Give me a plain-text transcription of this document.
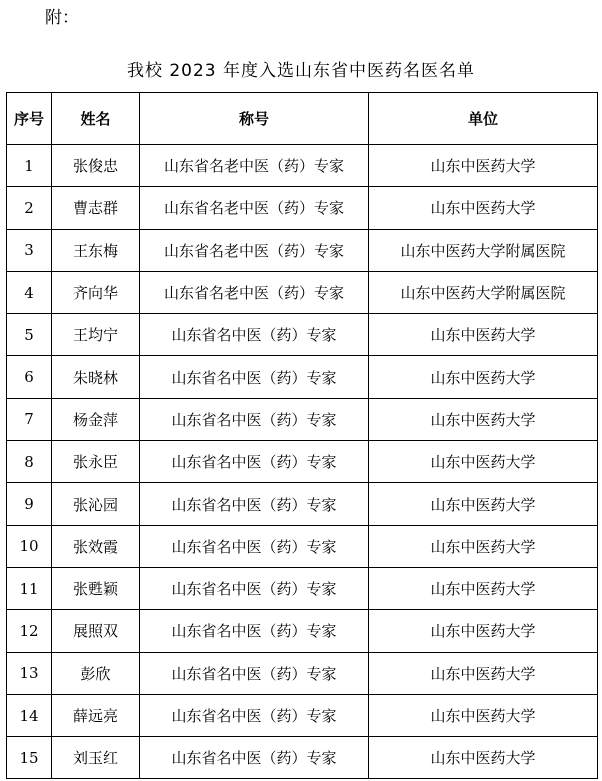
附：
我校 2023 年度入选山东省中医药名医名单
序号	姓名	称号	单位
1	张俊忠	山东省名老中医（药）专家	山东中医药大学
2	曹志群	山东省名老中医（药）专家	山东中医药大学
3	王东梅	山东省名老中医（药）专家	山东中医药大学附属医院
4	齐向华	山东省名老中医（药）专家	山东中医药大学附属医院
5	王均宁	山东省名中医（药）专家	山东中医药大学
6	朱晓林	山东省名中医（药）专家	山东中医药大学
7	杨金萍	山东省名中医（药）专家	山东中医药大学
8	张永臣	山东省名中医（药）专家	山东中医药大学
9	张沁园	山东省名中医（药）专家	山东中医药大学
10	张效霞	山东省名中医（药）专家	山东中医药大学
11	张甦颖	山东省名中医（药）专家	山东中医药大学
12	展照双	山东省名中医（药）专家	山东中医药大学
13	彭欣	山东省名中医（药）专家	山东中医药大学
14	薛远亮	山东省名中医（药）专家	山东中医药大学
15	刘玉红	山东省名中医（药）专家	山东中医药大学
